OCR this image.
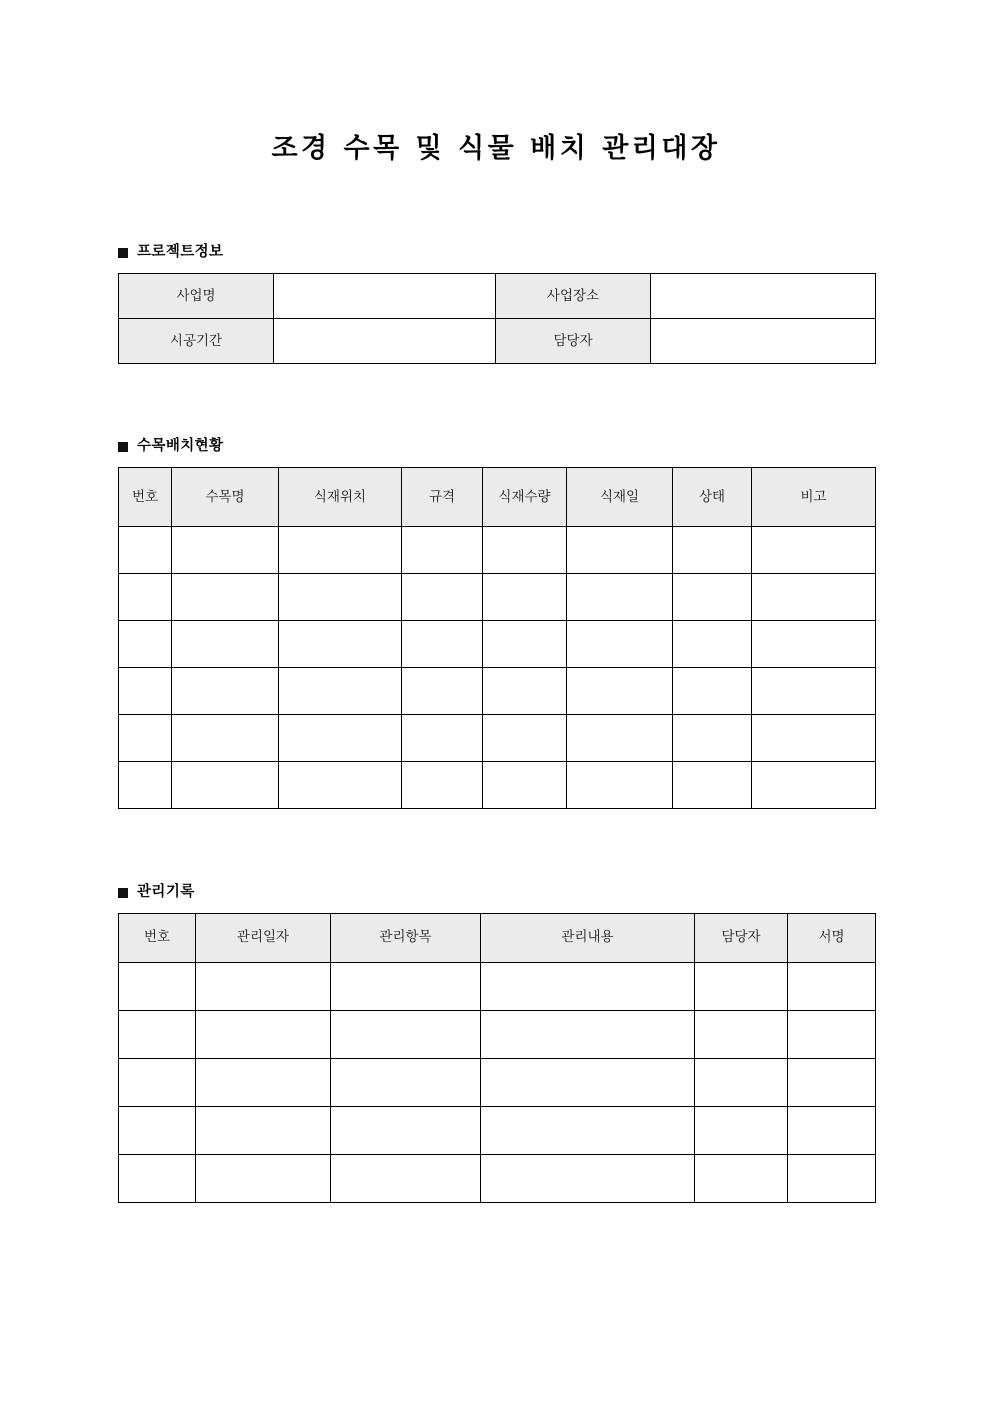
조경 수목 및 식물 배치 관리대장
프로젝트정보
사업명		사업장소	
시공기간		담당자	
수목배치현황
번호	수목명	식재위치	규격	식재수량	식재일	상태	비고

관리기록
번호	관리일자	관리항목	관리내용	담당자	서명
